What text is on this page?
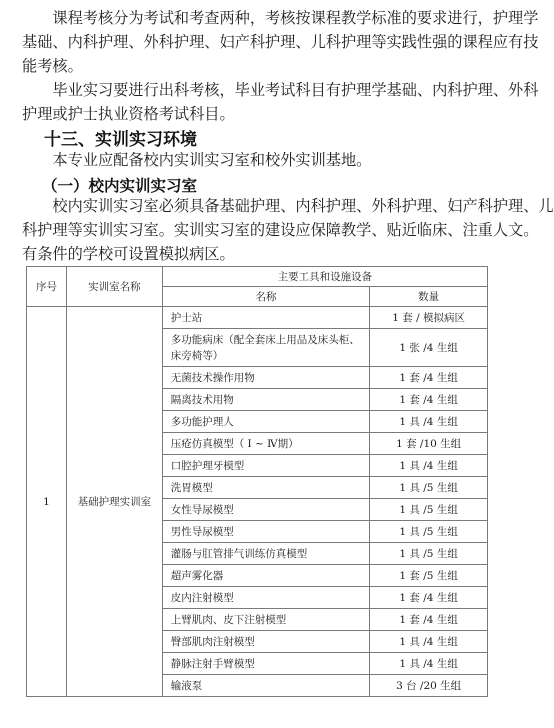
　　课程考核分为考试和考查两种，考核按课程教学标准的要求进行，护理学
基础、内科护理、外科护理、妇产科护理、儿科护理等实践性强的课程应有技
能考核。
　　毕业实习要进行出科考核，毕业考试科目有护理学基础、内科护理、外科
护理或护士执业资格考试科目。
十三、实训实习环境
　　本专业应配备校内实训实习室和校外实训基地。
（一）校内实训实习室
　　校内实训实习室必须具备基础护理、内科护理、外科护理、妇产科护理、儿
科护理等实训实习室。实训实习室的建设应保障教学、贴近临床、注重人文。
有条件的学校可设置模拟病区。
序号	实训室名称	主要工具和设施设备	
		名称	数量
1	基础护理实训室	护士站	1 套 / 模拟病区
		多功能病床（配全套床上用品及床头柜、床旁椅等）	1 张 /4 生组
		无菌技术操作用物	1 套 /4 生组
		隔离技术用物	1 套 /4 生组
		多功能护理人	1 具 /4 生组
		压疮仿真模型（ Ⅰ ~ Ⅳ期）	1 套 /10 生组
		口腔护理牙模型	1 具 /4 生组
		洗胃模型	1 具 /5 生组
		女性导尿模型	1 具 /5 生组
		男性导尿模型	1 具 /5 生组
		灌肠与肛管排气训练仿真模型	1 具 /5 生组
		超声雾化器	1 套 /5 生组
		皮内注射模型	1 套 /4 生组
		上臂肌肉、皮下注射模型	1 套 /4 生组
		臀部肌肉注射模型	1 具 /4 生组
		静脉注射手臂模型	1 具 /4 生组
		输液泵	3 台 /20 生组
